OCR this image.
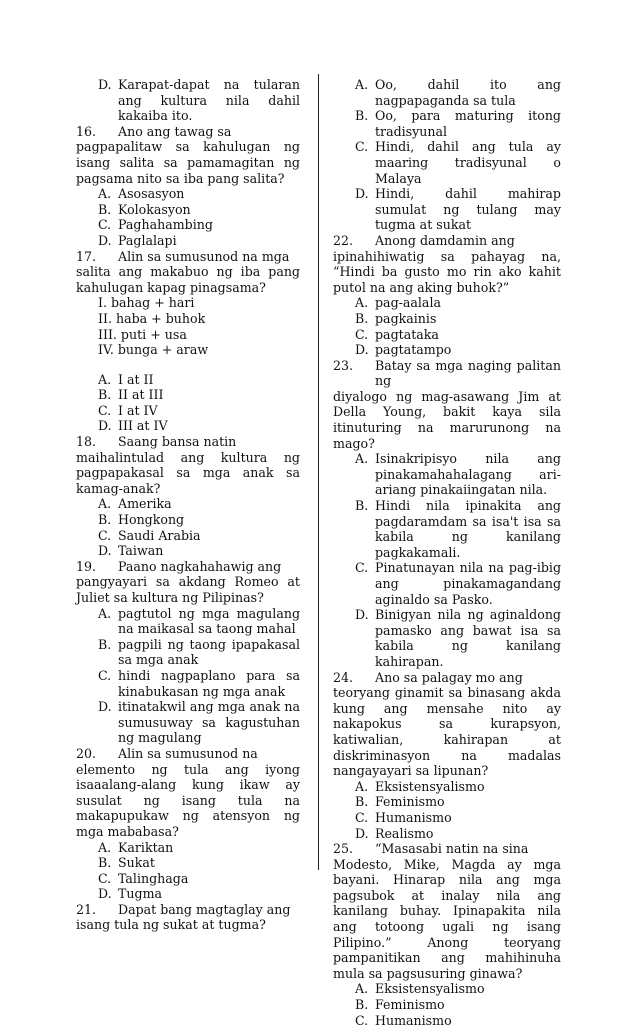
D. Karapat-dapat na tularan ang kultura nila dahil kakaiba ito.
16.	Ano ang tawag sa
pagpapalitaw sa kahulugan ng isang salita sa pamamagitan ng pagsama nito sa iba pang salita?
A. Asosasyon
B. Kolokasyon
C. Paghahambing
D. Paglalapi
17.	Alin sa sumusunod na mga
salita ang makabuo ng iba pang kahulugan kapag pinagsama?
I. bahag + hari
II. haba + buhok
III. puti + usa
IV. bunga + araw
A. I at II
B. II at III
C. I at IV
D. III at IV
18.	Saang bansa natin
maihalintulad ang kultura ng pagpapakasal sa mga anak sa kamag-anak?
A. Amerika
B. Hongkong
C. Saudi Arabia
D. Taiwan
19.	Paano nagkahahawig ang
pangyayari sa akdang Romeo at Juliet sa kultura ng Pilipinas?
A. pagtutol ng mga magulang na maikasal sa taong mahal
B. pagpili ng taong ipapakasal sa mga anak
C. hindi nagpaplano para sa kinabukasan ng mga anak
D. itinatakwil ang mga anak na sumusuway sa kagustuhan ng magulang
20.	Alin sa sumusunod na
elemento ng tula ang iyong isaaalang-alang kung ikaw ay susulat ng isang tula na makapupukaw ng atensyon ng mga mababasa?
A. Kariktan
B. Sukat
C. Talinghaga
D. Tugma
21.	Dapat bang magtaglay ang
isang tula ng sukat at tugma?
A. Oo, dahil ito ang nagpapaganda sa tula
B. Oo, para maturing itong tradisyunal
C. Hindi, dahil ang tula ay maaring tradisyunal o Malaya
D. Hindi, dahil mahirap sumulat ng tulang may tugma at sukat
22.	Anong damdamin ang
ipinahihiwatig sa pahayag na, “Hindi ba gusto mo rin ako kahit putol na ang aking buhok?”
A. pag-aalala
B. pagkainis
C. pagtataka
D. pagtatampo
23.	Batay sa mga naging palitan ng
diyalogo ng mag-asawang Jim at Della Young, bakit kaya sila itinuturing na marurunong na mago?
A. Isinakripisyo nila ang pinakamahahalagang ari-ariang pinakaiingatan nila.
B. Hindi nila ipinakita ang pagdaramdam sa isa't isa sa kabila ng kanilang pagkakamali.
C. Pinatunayan nila na pag-ibig ang pinakamagandang aginaldo sa Pasko.
D. Binigyan nila ng aginaldong pamasko ang bawat isa sa kabila ng kanilang kahirapan.
24.	Ano sa palagay mo ang
teoryang ginamit sa binasang akda kung ang mensahe nito ay nakapokus sa kurapsyon, katiwalian, kahirapan at diskriminasyon na madalas nangayayari sa lipunan?
A. Eksistensyalismo
B. Feminismo
C. Humanismo
D. Realismo
25.	“Masasabi natin na sina
Modesto, Mike, Magda ay mga bayani. Hinarap nila ang mga pagsubok at inalay nila ang kanilang buhay. Ipinapakita nila ang totoong ugali ng isang Pilipino.” Anong teoryang pampanitikan ang mahihinuha mula sa pagsusuring ginawa?
A. Eksistensyalismo
B. Feminismo
C. Humanismo
